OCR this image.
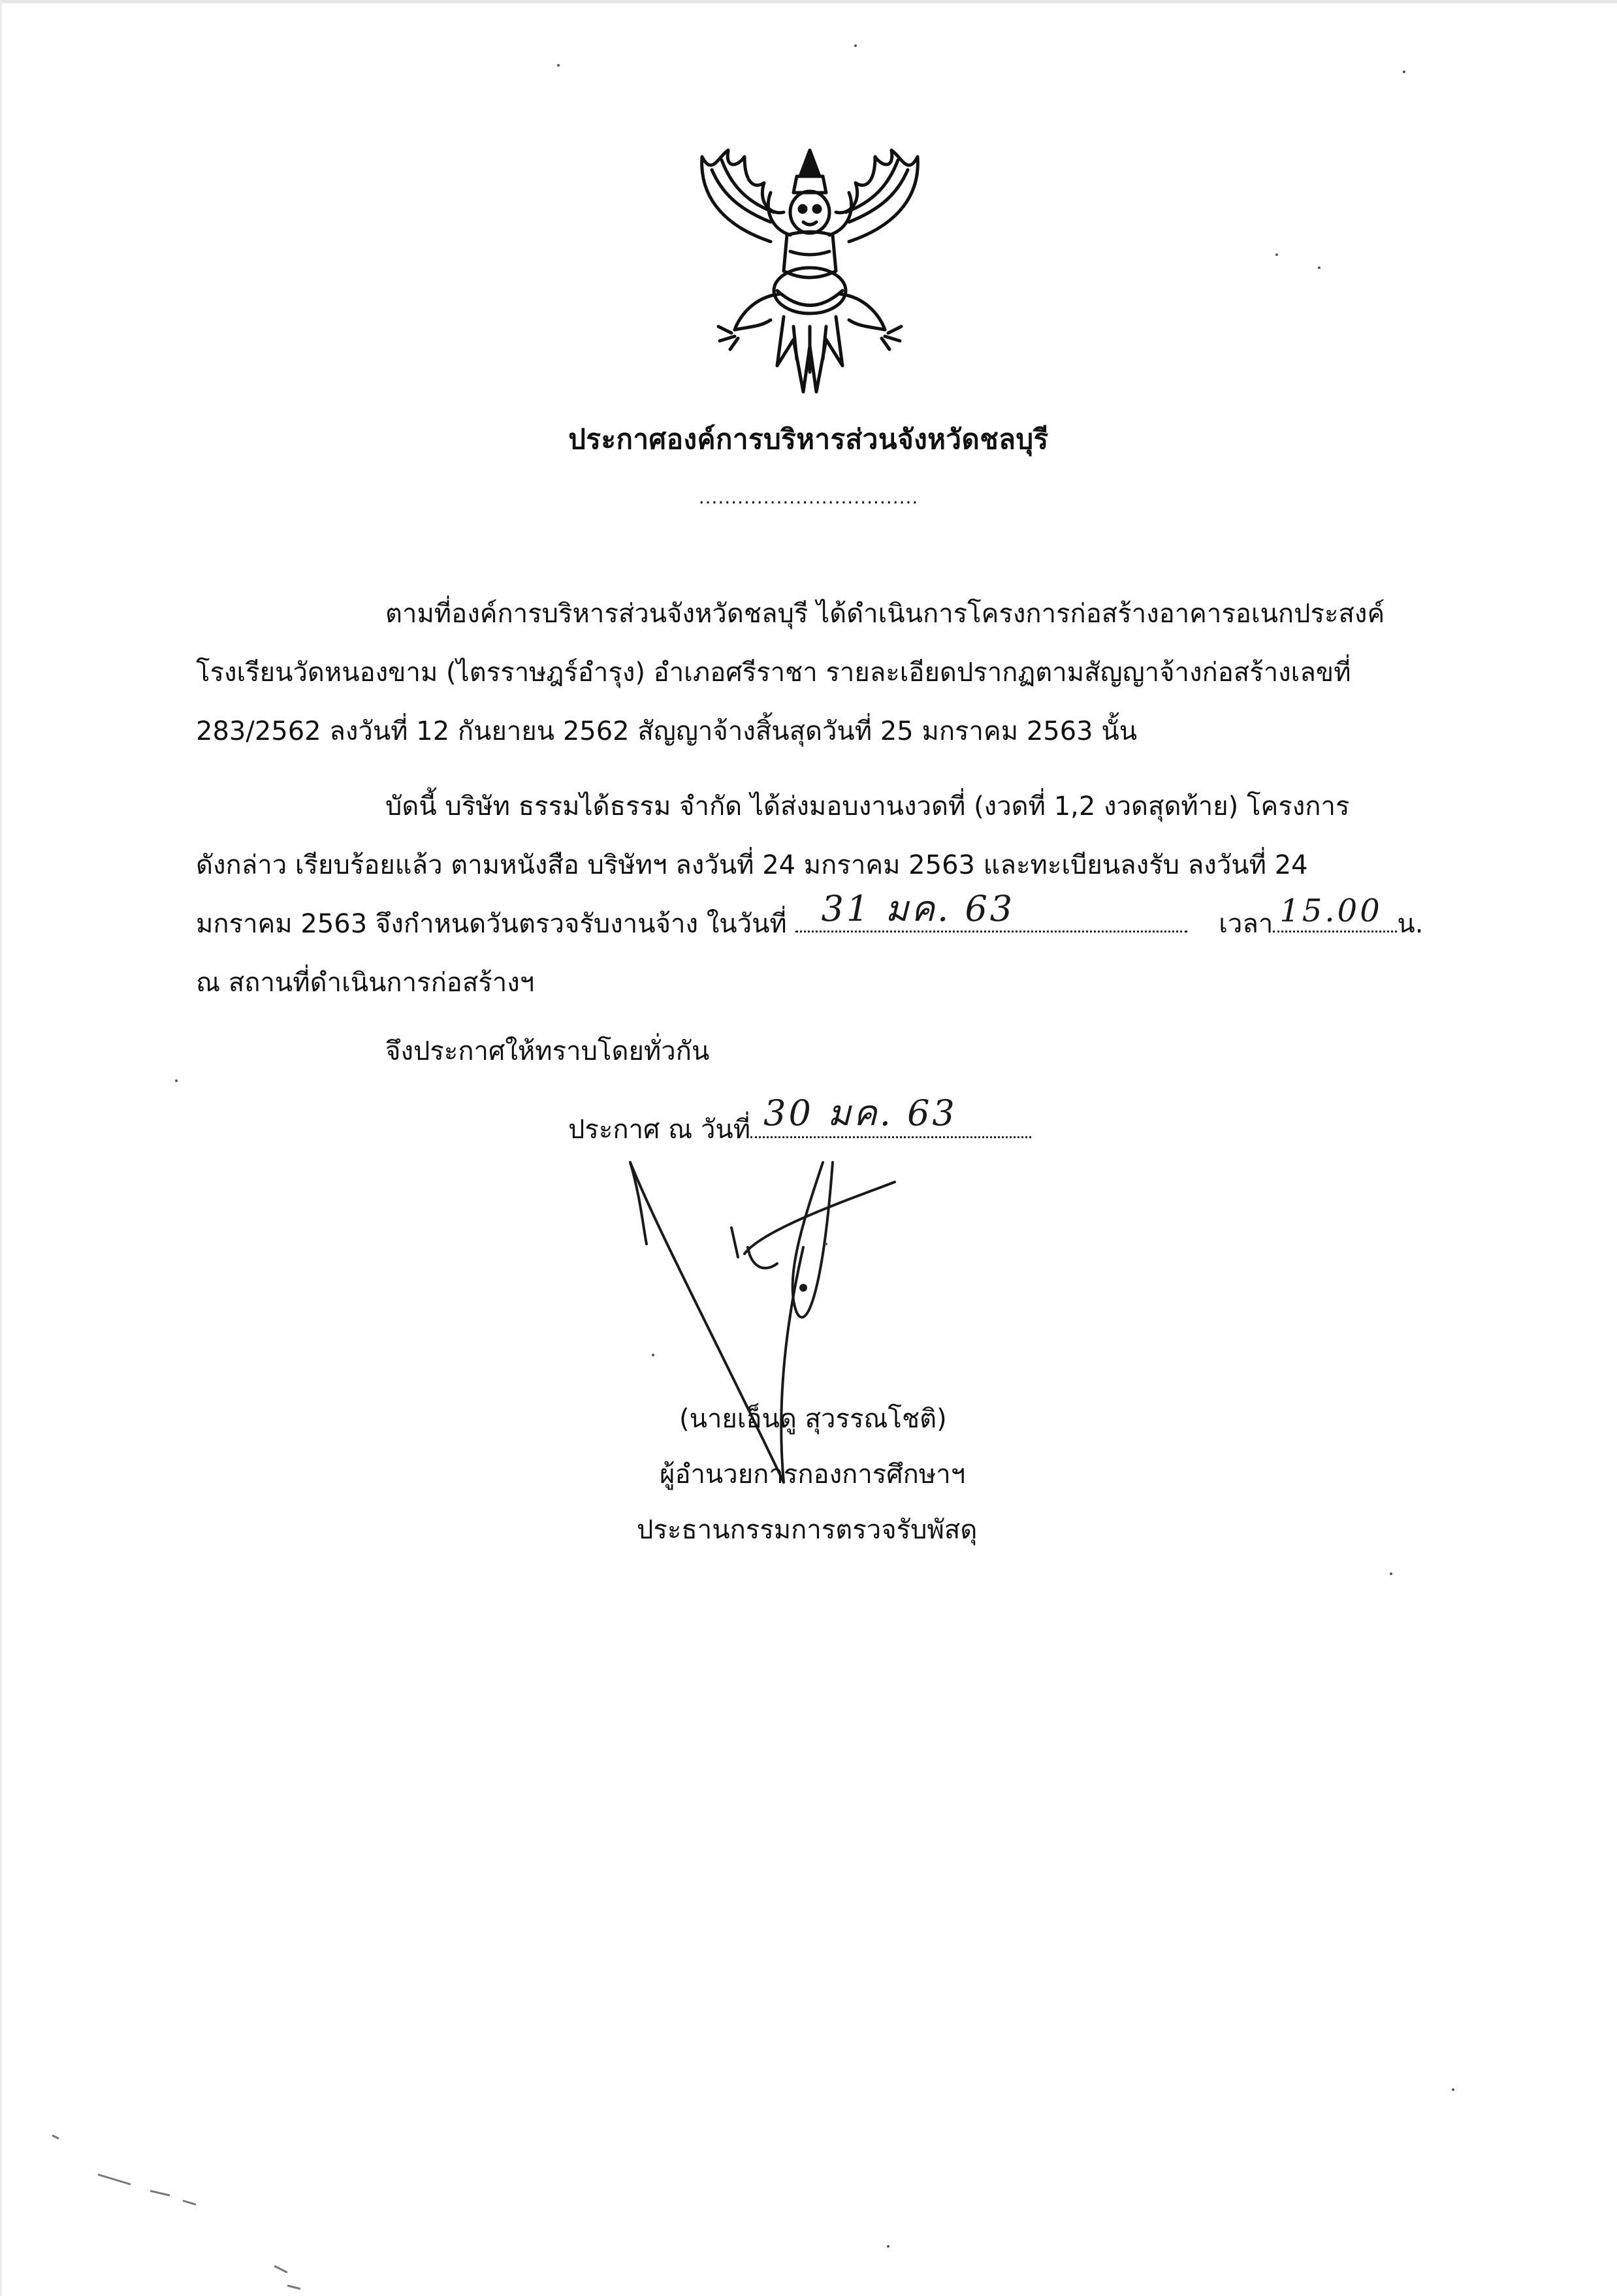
ประกาศองค์การบริหารส่วนจังหวัดชลบุรี
..................................
ตามที่องค์การบริหารส่วนจังหวัดชลบุรี ได้ดำเนินการโครงการก่อสร้างอาคารอเนกประสงค์
โรงเรียนวัดหนองขาม (ไตรราษฎร์อำรุง) อำเภอศรีราชา รายละเอียดปรากฏตามสัญญาจ้างก่อสร้างเลขที่
283/2562 ลงวันที่ 12 กันยายน 2562 สัญญาจ้างสิ้นสุดวันที่ 25 มกราคม 2563 นั้น
บัดนี้ บริษัท ธรรมได้ธรรม จำกัด ได้ส่งมอบงานงวดที่ (งวดที่ 1,2 งวดสุดท้าย) โครงการ
ดังกล่าว เรียบร้อยแล้ว ตามหนังสือ บริษัทฯ ลงวันที่ 24 มกราคม 2563 และทะเบียนลงรับ ลงวันที่ 24
มกราคม 2563 จึงกำหนดวันตรวจรับงานจ้าง ในวันที่ 31 มค. 63	เวลา 15.00 น.
ณ สถานที่ดำเนินการก่อสร้างฯ
จึงประกาศให้ทราบโดยทั่วกัน
ประกาศ ณ วันที่ 30 มค. 63
(นายเอ็นดู สุวรรณโชติ)
ผู้อำนวยการกองการศึกษาฯ
ประธานกรรมการตรวจรับพัสดุ
